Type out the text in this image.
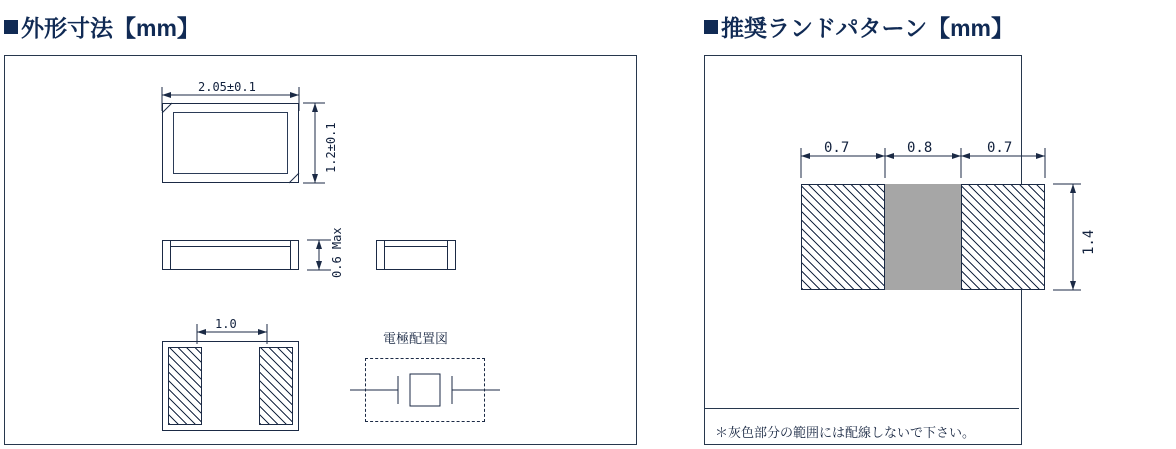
外形寸法【mm】
2.05±0.1
1.2±0.1
0.6 Max
1.0
電極配置図
推奨ランドパターン【mm】
0.7	0.8	0.7
1.4
＊灰色部分の範囲には配線しないで下さい。
